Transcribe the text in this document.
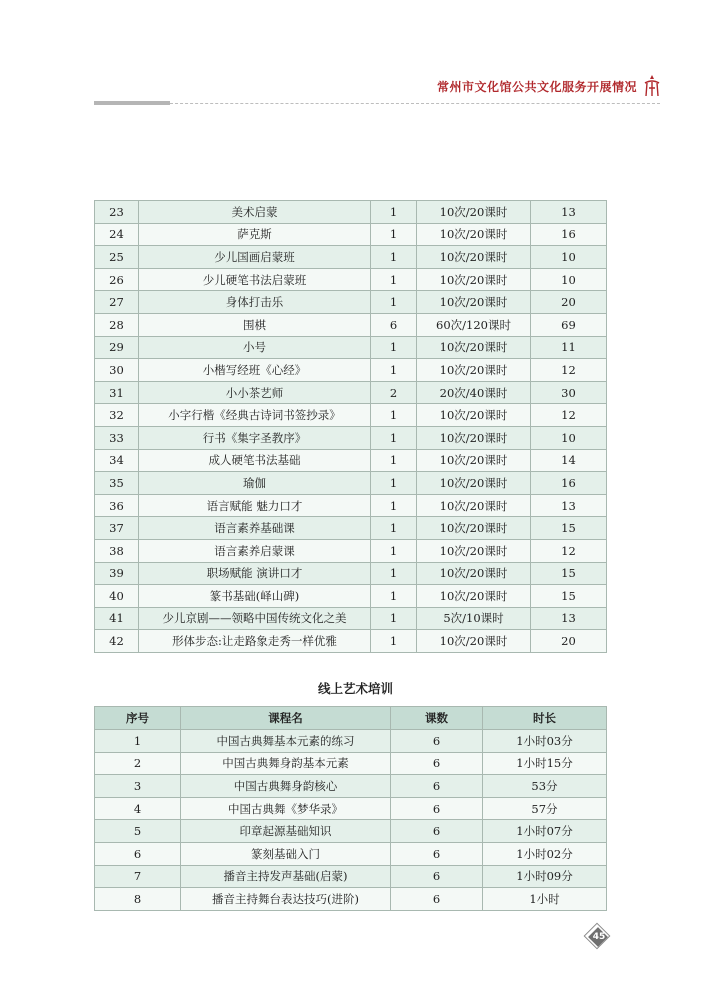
常州市文化馆公共文化服务开展情况
23	美术启蒙	1	10次/20课时	13
24	萨克斯	1	10次/20课时	16
25	少儿国画启蒙班	1	10次/20课时	10
26	少儿硬笔书法启蒙班	1	10次/20课时	10
27	身体打击乐	1	10次/20课时	20
28	围棋	6	60次/120课时	69
29	小号	1	10次/20课时	11
30	小楷写经班《心经》	1	10次/20课时	12
31	小小茶艺师	2	20次/40课时	30
32	小字行楷《经典古诗词书签抄录》	1	10次/20课时	12
33	行书《集字圣教序》	1	10次/20课时	10
34	成人硬笔书法基础	1	10次/20课时	14
35	瑜伽	1	10次/20课时	16
36	语言赋能 魅力口才	1	10次/20课时	13
37	语言素养基础课	1	10次/20课时	15
38	语言素养启蒙课	1	10次/20课时	12
39	职场赋能 演讲口才	1	10次/20课时	15
40	篆书基础(峄山碑)	1	10次/20课时	15
41	少儿京剧——领略中国传统文化之美	1	5次/10课时	13
42	形体步态:让走路象走秀一样优雅	1	10次/20课时	20
线上艺术培训
序号	课程名	课数	时长
1	中国古典舞基本元素的练习	6	1小时03分
2	中国古典舞身韵基本元素	6	1小时15分
3	中国古典舞身韵核心	6	53分
4	中国古典舞《梦华录》	6	57分
5	印章起源基础知识	6	1小时07分
6	篆刻基础入门	6	1小时02分
7	播音主持发声基础(启蒙)	6	1小时09分
8	播音主持舞台表达技巧(进阶)	6	1小时
45
